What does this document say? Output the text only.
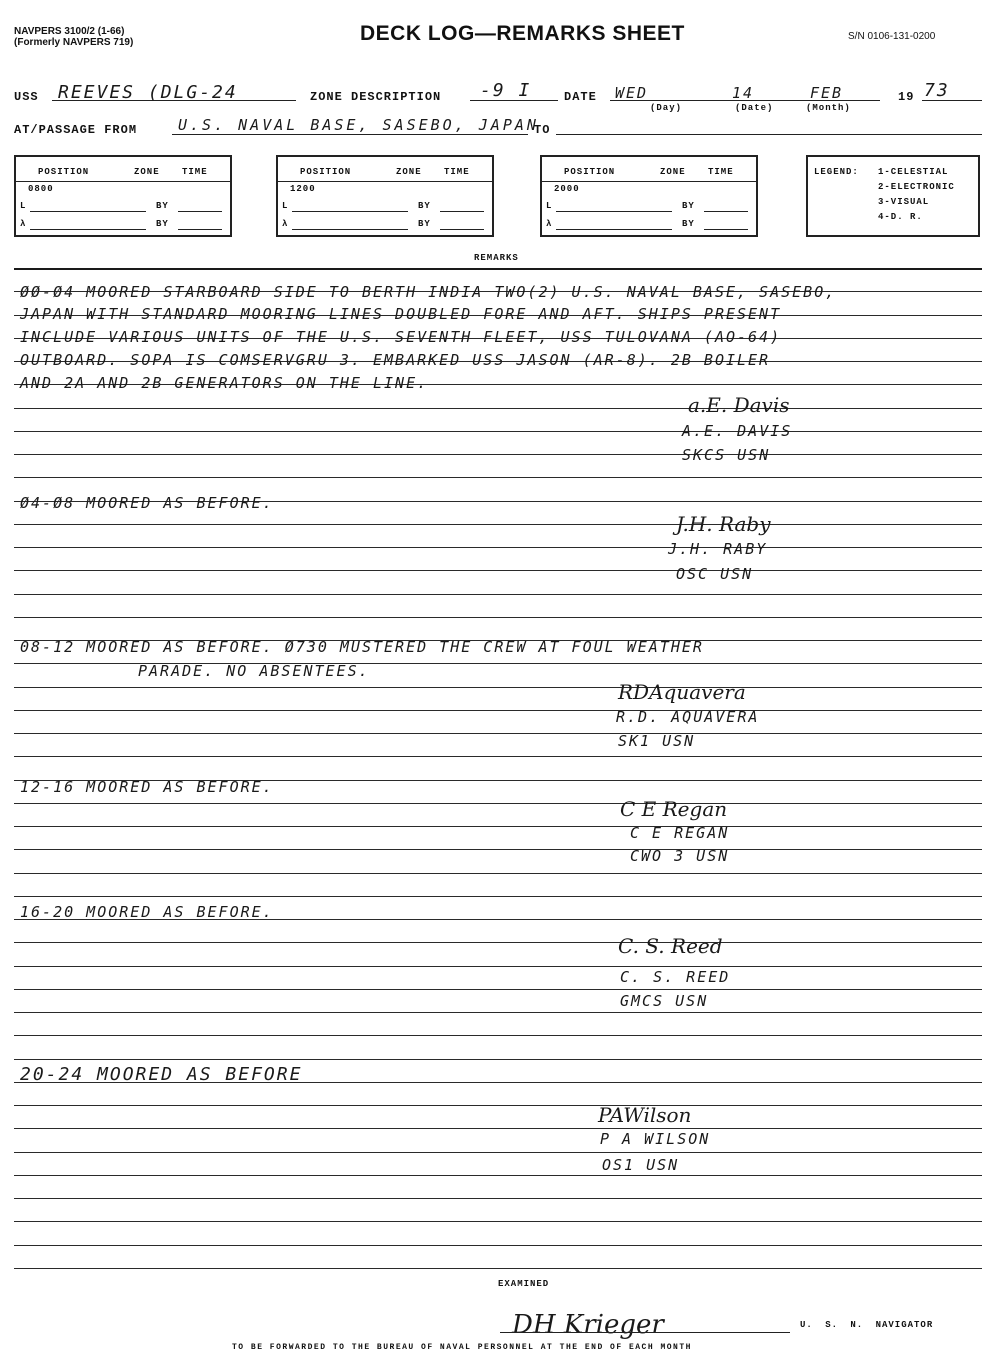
NAVPERS 3100/2 (1-66)
(Formerly NAVPERS 719)	DECK LOG—REMARKS SHEET	S/N 0106-131-0200
USS REEVES (DLG-24	ZONE DESCRIPTION -9 I	DATE WED	14	FEB
(Day)	(Date)	(Month)
19 73
AT/PASSAGE FROM	U.S. NAVAL BASE, SASEBO, JAPAN
TO
POSITION	ZONE TIME
0800
L	BY
λ	BY
POSITION	ZONE TIME
1200
L	BY
λ	BY
POSITION	ZONE TIME
2000
L	BY
λ	BY
LEGEND: 1-CELESTIAL
2-ELECTRONIC
3-VISUAL
4-D. R.
REMARKS
ØØ-Ø4 MOORED STARBOARD SIDE TO BERTH INDIA TWO(2) U.S. NAVAL BASE, SASEBO,
JAPAN WITH STANDARD MOORING LINES DOUBLED FORE AND AFT. SHIPS PRESENT
INCLUDE VARIOUS UNITS OF THE U.S. SEVENTH FLEET, USS TULOVANA (AO-64)
OUTBOARD. SOPA IS COMSERVGRU 3. EMBARKED USS JASON (AR-8). 2B BOILER
AND 2A AND 2B GENERATORS ON THE LINE.
a.E. Davis
A.E. DAVIS
SKCS USN
Ø4-Ø8 MOORED AS BEFORE.
J.H. Raby
J.H. RABY
OSC USN
08-12 MOORED AS BEFORE. Ø730 MUSTERED THE CREW AT FOUL WEATHER
PARADE. NO ABSENTEES.
RDAquavera
R.D. AQUAVERA
SK1 USN
12-16 MOORED AS BEFORE.
C E Regan
C E REGAN
CWO 3 USN
16-20 MOORED AS BEFORE.
C. S. Reed
C. S. REED
GMCS USN
20-24 MOORED AS BEFORE
PAWilson
P A WILSON
OS1 USN
EXAMINED
DH Krieger	U. S. N. NAVIGATOR
TO BE FORWARDED TO THE BUREAU OF NAVAL PERSONNEL AT THE END OF EACH MONTH
